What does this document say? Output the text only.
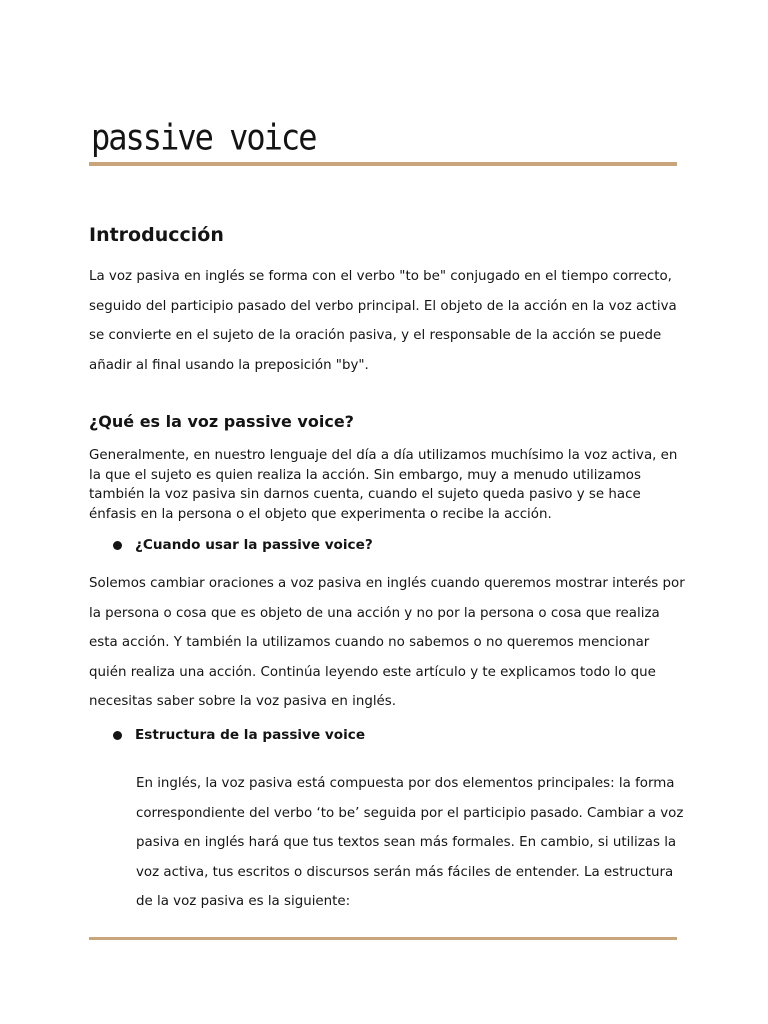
passive voice
Introducción

La voz pasiva en inglés se forma con el verbo "to be" conjugado en el tiempo correcto, seguido del participio pasado del verbo principal. El objeto de la acción en la voz activa se convierte en el sujeto de la oración pasiva, y el responsable de la acción se puede añadir al final usando la preposición "by".

¿Qué es la voz passive voice?

Generalmente, en nuestro lenguaje del día a día utilizamos muchísimo la voz activa, en la que el sujeto es quien realiza la acción. Sin embargo, muy a menudo utilizamos también la voz pasiva sin darnos cuenta, cuando el sujeto queda pasivo y se hace énfasis en la persona o el objeto que experimenta o recibe la acción.

¿Cuando usar la passive voice?

Solemos cambiar oraciones a voz pasiva en inglés cuando queremos mostrar interés por la persona o cosa que es objeto de una acción y no por la persona o cosa que realiza esta acción. Y también la utilizamos cuando no sabemos o no queremos mencionar quién realiza una acción. Continúa leyendo este artículo y te explicamos todo lo que necesitas saber sobre la voz pasiva en inglés.

Estructura de la passive voice

En inglés, la voz pasiva está compuesta por dos elementos principales: la forma correspondiente del verbo ‘to be’ seguida por el participio pasado. Cambiar a voz pasiva en inglés hará que tus textos sean más formales. En cambio, si utilizas la voz activa, tus escritos o discursos serán más fáciles de entender. La estructura de la voz pasiva es la siguiente:
